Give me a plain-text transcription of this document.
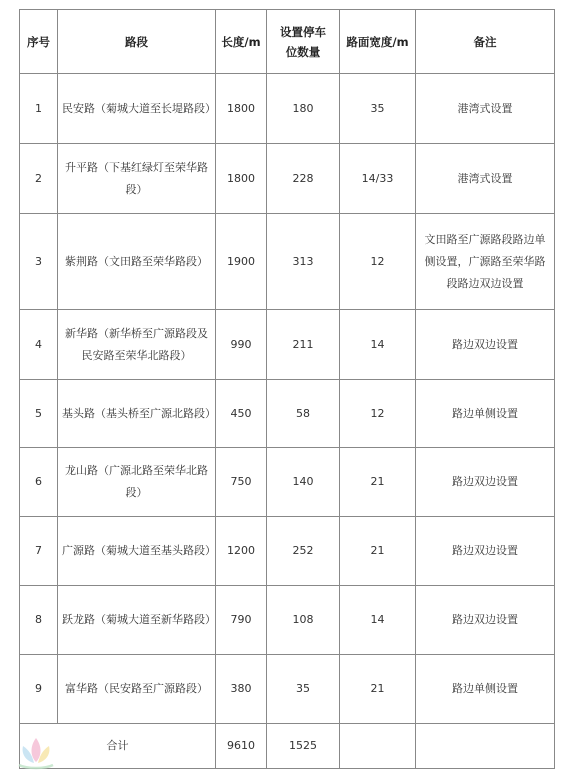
序号	路段	长度/m	设置停车位数量	路面宽度/m	备注
1	民安路（菊城大道至长堤路段）	1800	180	35	港湾式设置
2	升平路（下基红绿灯至荣华路段）	1800	228	14/33	港湾式设置
3	紫荆路（文田路至荣华路段）	1900	313	12	文田路至广源路段路边单侧设置，广源路至荣华路段路边双边设置
4	新华路（新华桥至广源路段及民安路至荣华北路段）	990	211	14	路边双边设置
5	基头路（基头桥至广源北路段）	450	58	12	路边单侧设置
6	龙山路（广源北路至荣华北路段）	750	140	21	路边双边设置
7	广源路（菊城大道至基头路段）	1200	252	21	路边双边设置
8	跃龙路（菊城大道至新华路段）	790	108	14	路边双边设置
9	富华路（民安路至广源路段）	380	35	21	路边单侧设置
合计		9610	1525		
